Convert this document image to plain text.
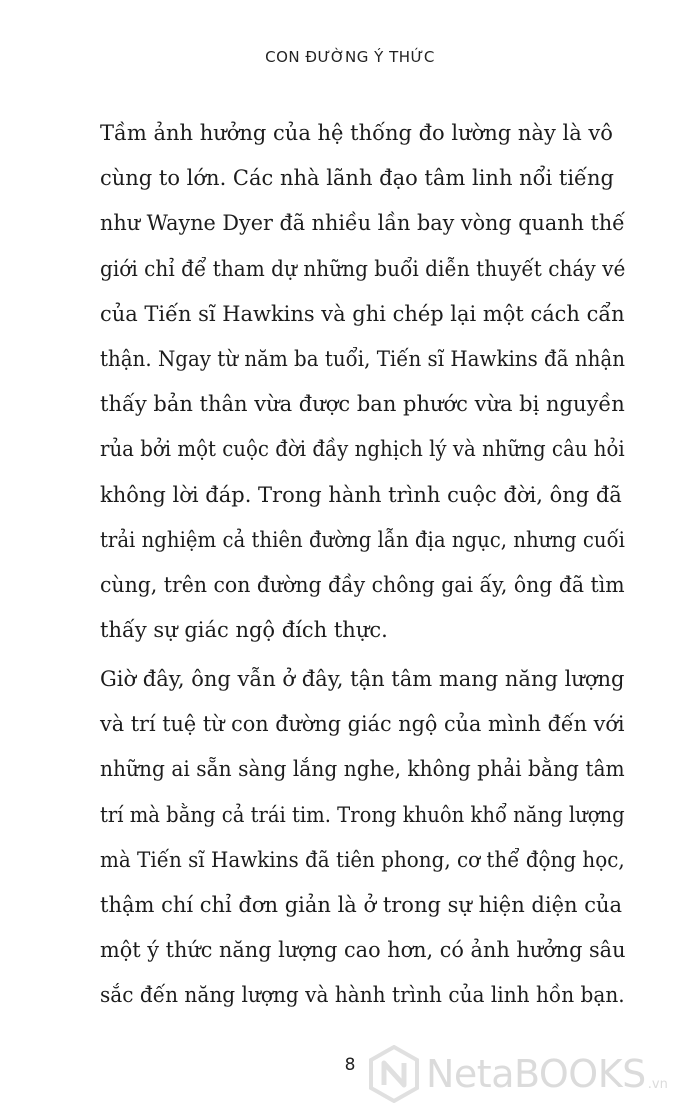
CON ĐƯỜNG Ý THỨC
Tầm ảnh hưởng của hệ thống đo lường này là vô
cùng to lớn. Các nhà lãnh đạo tâm linh nổi tiếng
như Wayne Dyer đã nhiều lần bay vòng quanh thế
giới chỉ để tham dự những buổi diễn thuyết cháy vé
của Tiến sĩ Hawkins và ghi chép lại một cách cẩn
thận. Ngay từ năm ba tuổi, Tiến sĩ Hawkins đã nhận
thấy bản thân vừa được ban phước vừa bị nguyền
rủa bởi một cuộc đời đầy nghịch lý và những câu hỏi
không lời đáp. Trong hành trình cuộc đời, ông đã
trải nghiệm cả thiên đường lẫn địa ngục, nhưng cuối
cùng, trên con đường đầy chông gai ấy, ông đã tìm
thấy sự giác ngộ đích thực.
Giờ đây, ông vẫn ở đây, tận tâm mang năng lượng
và trí tuệ từ con đường giác ngộ của mình đến với
những ai sẵn sàng lắng nghe, không phải bằng tâm
trí mà bằng cả trái tim. Trong khuôn khổ năng lượng
mà Tiến sĩ Hawkins đã tiên phong, cơ thể động học,
thậm chí chỉ đơn giản là ở trong sự hiện diện của
một ý thức năng lượng cao hơn, có ảnh hưởng sâu
sắc đến năng lượng và hành trình của linh hồn bạn.
8	NetaBOOKS .vn
